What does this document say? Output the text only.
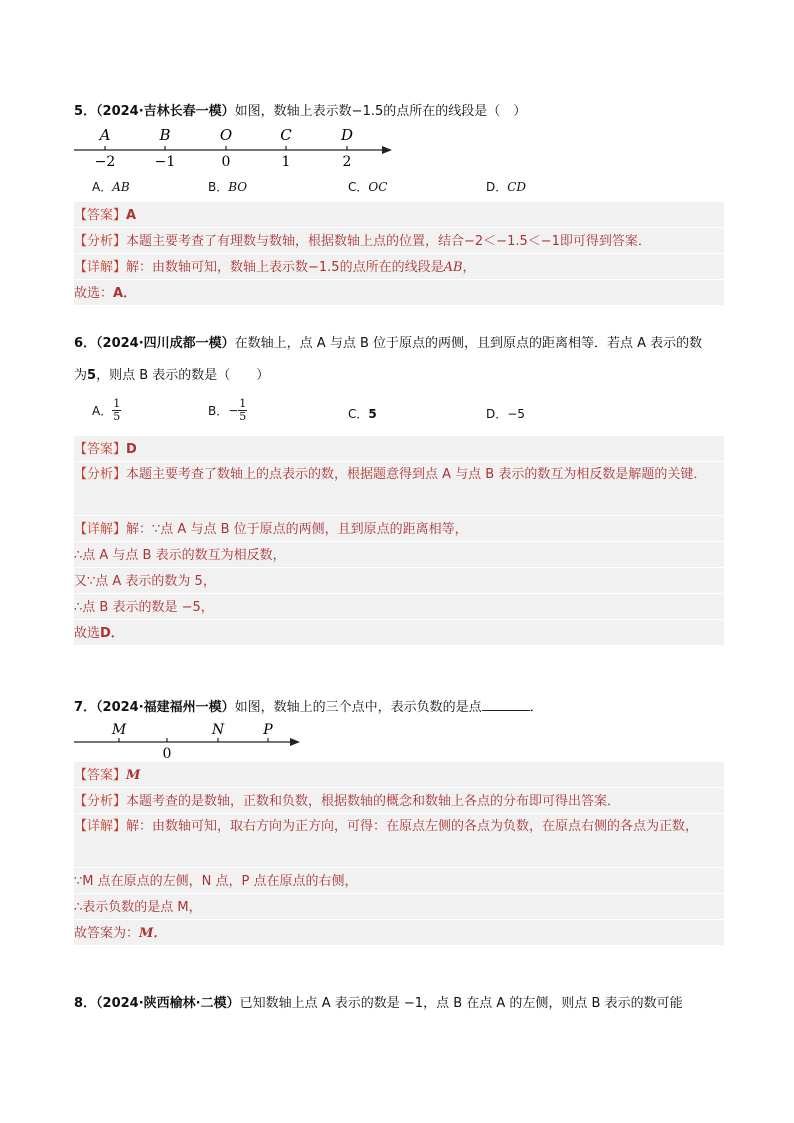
5．（2024·吉林长春一模）如图，数轴上表示数−1.5的点所在的线段是（　）
A
−2
B
−1
O
0
C
1
D
2
A．AB	B．BO	C．OC	D．CD
【答案】A
【分析】本题主要考查了有理数与数轴，根据数轴上点的位置，结合−2＜−1.5＜−1即可得到答案．
【详解】解：由数轴可知，数轴上表示数−1.5的点所在的线段是AB，
故选：A．
6．（2024·四川成都一模）在数轴上，点 A 与点 B 位于原点的两侧，且到原点的距离相等．若点 A 表示的数
为5，则点 B 表示的数是（　　）
A． $\frac{1}{5}$	B．− $\frac{1}{5}$	C．5	D．−5
【答案】D
【分析】本题主要考查了数轴上的点表示的数，根据题意得到点 A 与点 B 表示的数互为相反数是解题的关键．
【详解】解：∵点 A 与点 B 位于原点的两侧，且到原点的距离相等，
∴点 A 与点 B 表示的数互为相反数，
又∵点 A 表示的数为 5，
∴点 B 表示的数是 −5，
故选D．
7．（2024·福建福州一模）如图，数轴上的三个点中，表示负数的是点	．
M	N	P
0
【答案】M
【分析】本题考查的是数轴，正数和负数，根据数轴的概念和数轴上各点的分布即可得出答案．
【详解】解：由数轴可知，取右方向为正方向，可得：在原点左侧的各点为负数，在原点右侧的各点为正数，
∵M 点在原点的左侧，N 点，P 点在原点的右侧，
∴表示负数的是点 M，
故答案为：M．
8．（2024·陕西榆林·二模）已知数轴上点 A 表示的数是 −1，点 B 在点 A 的左侧，则点 B 表示的数可能
